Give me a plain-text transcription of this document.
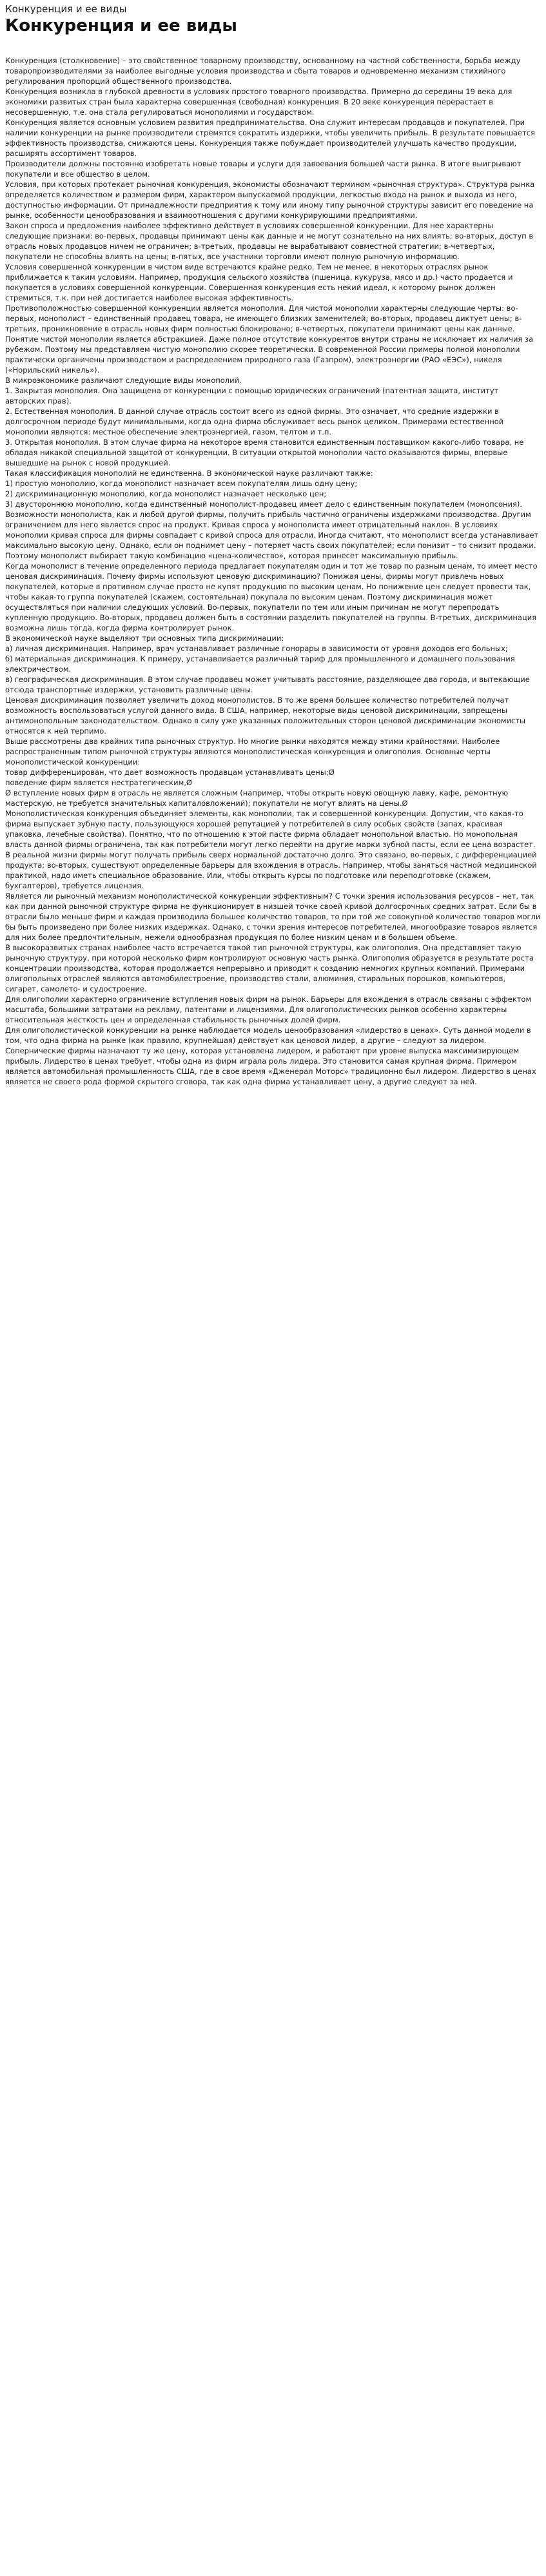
Конкуренция и ее виды
Конкуренция и ее виды

Конкуренция (столкновение) – это свойственное товарному производству, основанному на частной собственности, борьба между товаропроизводителями за наиболее выгодные условия производства и сбыта товаров и одновременно механизм стихийного регулирования пропорций общественного производства.

Конкуренция возникла в глубокой древности в условиях простого товарного производства. Примерно до середины 19 века для экономики развитых стран была характерна совершенная (свободная) конкуренция. В 20 веке конкуренция перерастает в несовершенную, т.е. она стала регулироваться монополиями и государством.

Конкуренция является основным условием развития предпринимательства. Она служит интересам продавцов и покупателей. При наличии конкуренции на рынке производители стремятся сократить издержки, чтобы увеличить прибыль. В результате повышается эффективность производства, снижаются цены. Конкуренция также побуждает производителей улучшать качество продукции, расширять ассортимент товаров.

Производители должны постоянно изобретать новые товары и услуги для завоевания большей части рынка. В итоге выигрывают покупатели и все общество в целом.

Условия, при которых протекает рыночная конкуренция, экономисты обозначают термином «рыночная структура». Структура рынка определяется количеством и размером фирм, характером выпускаемой продукции, легкостью входа на рынок и выхода из него, доступностью информации. От принадлежности предприятия к тому или иному типу рыночной структуры зависит его поведение на рынке, особенности ценообразования и взаимоотношения с другими конкурирующими предприятиями.

Закон спроса и предложения наиболее эффективно действует в условиях совершенной конкуренции. Для нее характерны следующие признаки: во-первых, продавцы принимают цены как данные и не могут сознательно на них влиять; во-вторых, доступ в отрасль новых продавцов ничем не ограничен; в-третьих, продавцы не вырабатывают совместной стратегии; в-четвертых, покупатели не способны влиять на цены; в-пятых, все участники торговли имеют полную рыночную информацию.

Условия совершенной конкуренции в чистом виде встречаются крайне редко. Тем не менее, в некоторых отраслях рынок приближается к таким условиям. Например, продукция сельского хозяйства (пшеница, кукуруза, мясо и др.) часто продается и покупается в условиях совершенной конкуренции. Совершенная конкуренция есть некий идеал, к которому рынок должен стремиться, т.к. при ней достигается наиболее высокая эффективность.

Противоположностью совершенной конкуренции является монополия. Для чистой монополии характерны следующие черты: во-первых, монополист – единственный продавец товара, не имеющего близких заменителей; во-вторых, продавец диктует цены; в-третьих, проникновение в отрасль новых фирм полностью блокировано; в-четвертых, покупатели принимают цены как данные.

Понятие чистой монополии является абстракцией. Даже полное отсутствие конкурентов внутри страны не исключает их наличия за рубежом. Поэтому мы представляем чистую монополию скорее теоретически. В современной России примеры полной монополии практически органичены производством и распределением природного газа (Газпром), электроэнергии (РАО «ЕЭС»), никеля («Норильский никель»).

В микроэкономике различают следующие виды монополий.

1. Закрытая монополия. Она защищена от конкуренции с помощью юридических ограничений (патентная защита, институт авторских прав).

2. Естественная монополия. В данной случае отрасль состоит всего из одной фирмы. Это означает, что средние издержки в долгосрочном периоде будут минимальными, когда одна фирма обслуживает весь рынок целиком. Примерами естественной монополии являются: местное обеспечение электроэнергией, газом, телтом и т.п.

3. Открытая монополия. В этом случае фирма на некоторое время становится единственным поставщиком какого-либо товара, не обладая никакой специальной защитой от конкуренции. В ситуации открытой монополии часто оказываются фирмы, впервые вышедшие на рынок с новой продукцией.

Такая классификация монополий не единственна. В экономической науке различают также:

1) простую монополию, когда монополист назначает всем покупателям лишь одну цену;

2) дискриминационную монополию, когда монополист назначает несколько цен;

3) двустороннюю монополию, когда единственный монополист-продавец имеет дело с единственным покупателем (монопсония).

Возможности монополиста, как и любой другой фирмы, получить прибыль частично ограничены издержками производства. Другим ограничением для него является спрос на продукт. Кривая спроса у монополиста имеет отрицательный наклон. В условиях монополии кривая спроса для фирмы совпадает с кривой спроса для отрасли. Иногда считают, что монополист всегда устанавливает максимально высокую цену. Однако, если он поднимет цену – потеряет часть своих покупателей; если понизит – то снизит продажи. Поэтому монополист выбирает такую комбинацию «цена-количество», которая принесет максимальную прибыль.

Когда монополист в течение определенного периода предлагает покупателям один и тот же товар по разным ценам, то имеет место ценовая дискриминация. Почему фирмы используют ценовую дискриминацию? Понижая цены, фирмы могут привлечь новых покупателей, которые в противном случае просто не купят продукцию по высоким ценам. Но понижение цен следует провести так, чтобы какая-то группа покупателей (скажем, состоятельная) покупала по высоким ценам. Поэтому дискриминация может осуществляться при наличии следующих условий. Во-первых, покупатели по тем или иным причинам не могут перепродать купленную продукцию. Во-вторых, продавец должен быть в состоянии разделить покупателей на группы. В-третьих, дискриминация возможна лишь тогда, когда фирма контролирует рынок.

В экономической науке выделяют три основных типа дискриминации:

а) личная дискриминация. Например, врач устанавливает различные гонорары в зависимости от уровня доходов его больных;

б) материальная дискриминация. К примеру, устанавливается различный тариф для промышленного и домашнего пользования электричеством.

в) географическая дискриминация. В этом случае продавец может учитывать расстояние, разделяющее два города, и вытекающие отсюда транспортные издержки, установить различные цены.

Ценовая дискриминация позволяет увеличить доход монополистов. В то же время большее количество потребителей получат возможность воспользоваться услугой данного вида. В США, например, некоторые виды ценовой дискриминации, запрещены антимонопольным законодательством. Однако в силу уже указанных положительных сторон ценовой дискриминации экономисты относятся к ней терпимо.

Выше рассмотрены два крайних типа рыночных структур. Но многие рынки находятся между этими крайностями. Наиболее распространенным типом рыночной структуры являются монополистическая конкуренция и олигополия. Основные черты монополистической конкуренции:

товар дифференцирован, что дает возможность продавцам устанавливать цены;Ø

поведение фирм является нестратегическим,Ø

Ø вступление новых фирм в отрасль не является сложным (например, чтобы открыть новую овощную лавку, кафе, ремонтную мастерскую, не требуется значительных капиталовложений); покупатели не могут влиять на цены.Ø

Монополистическая конкуренция объединяет элементы, как монополии, так и совершенной конкуренции. Допустим, что какая-то фирма выпускает зубную пасту, пользующуюся хорошей репутацией у потребителей в силу особых свойств (запах, красивая упаковка, лечебные свойства). Понятно, что по отношению к этой пасте фирма обладает монопольной властью. Но монопольная власть данной фирмы ограничена, так как потребители могут легко перейти на другие марки зубной пасты, если ее цена возрастет.

В реальной жизни фирмы могут получать прибыль сверх нормальной достаточно долго. Это связано, во-первых, с дифференциацией продукта; во-вторых, существуют определенные барьеры для вхождения в отрасль. Например, чтобы заняться частной медицинской практикой, надо иметь специальное образование. Или, чтобы открыть курсы по подготовке или переподготовке (скажем, бухгалтеров), требуется лицензия.

Является ли рыночный механизм монополистической конкуренции эффективным? С точки зрения использования ресурсов – нет, так как при данной рыночной структуре фирма не функционирует в низшей точке своей кривой долгосрочных средних затрат. Если бы в отрасли было меньше фирм и каждая производила большее количество товаров, то при той же совокупной количество товаров могли бы быть произведено при более низких издержках. Однако, с точки зрения интересов потребителей, многообразие товаров является для них более предпочтительным, нежели однообразная продукция по более низким ценам и в большем объеме.

В высокоразвитых странах наиболее часто встречается такой тип рыночной структуры, как олигополия. Она представляет такую рыночную структуру, при которой несколько фирм контролируют основную часть рынка. Олигополия образуется в результате роста концентрации производства, которая продолжается непрерывно и приводит к созданию немногих крупных компаний. Примерами олигопольных отраслей являются автомобилестроение, производство стали, алюминия, стиральных порошков, компьютеров, сигарет, самолето- и судостроение.

Для олигополии характерно ограничение вступления новых фирм на рынок. Барьеры для вхождения в отрасль связаны с эффектом масштаба, большими затратами на рекламу, патентами и лицензиями. Для олигополистических рынков особенно характерны относительная жесткость цен и определенная стабильность рыночных долей фирм.

Для олигополистической конкуренции на рынке наблюдается модель ценообразования «лидерство в ценах». Суть данной модели в том, что одна фирма на рынке (как правило, крупнейшая) действует как ценовой лидер, а другие – следуют за лидером. Сопернические фирмы назначают ту же цену, которая установлена лидером, и работают при уровне выпуска максимизирующем прибыль. Лидерство в ценах требует, чтобы одна из фирм играла роль лидера. Это становится самая крупная фирма. Примером является автомобильная промышленность США, где в свое время «Дженерал Моторс» традиционно был лидером. Лидерство в ценах является не своего рода формой скрытого сговора, так как одна фирма устанавливает цену, а другие следуют за ней.
